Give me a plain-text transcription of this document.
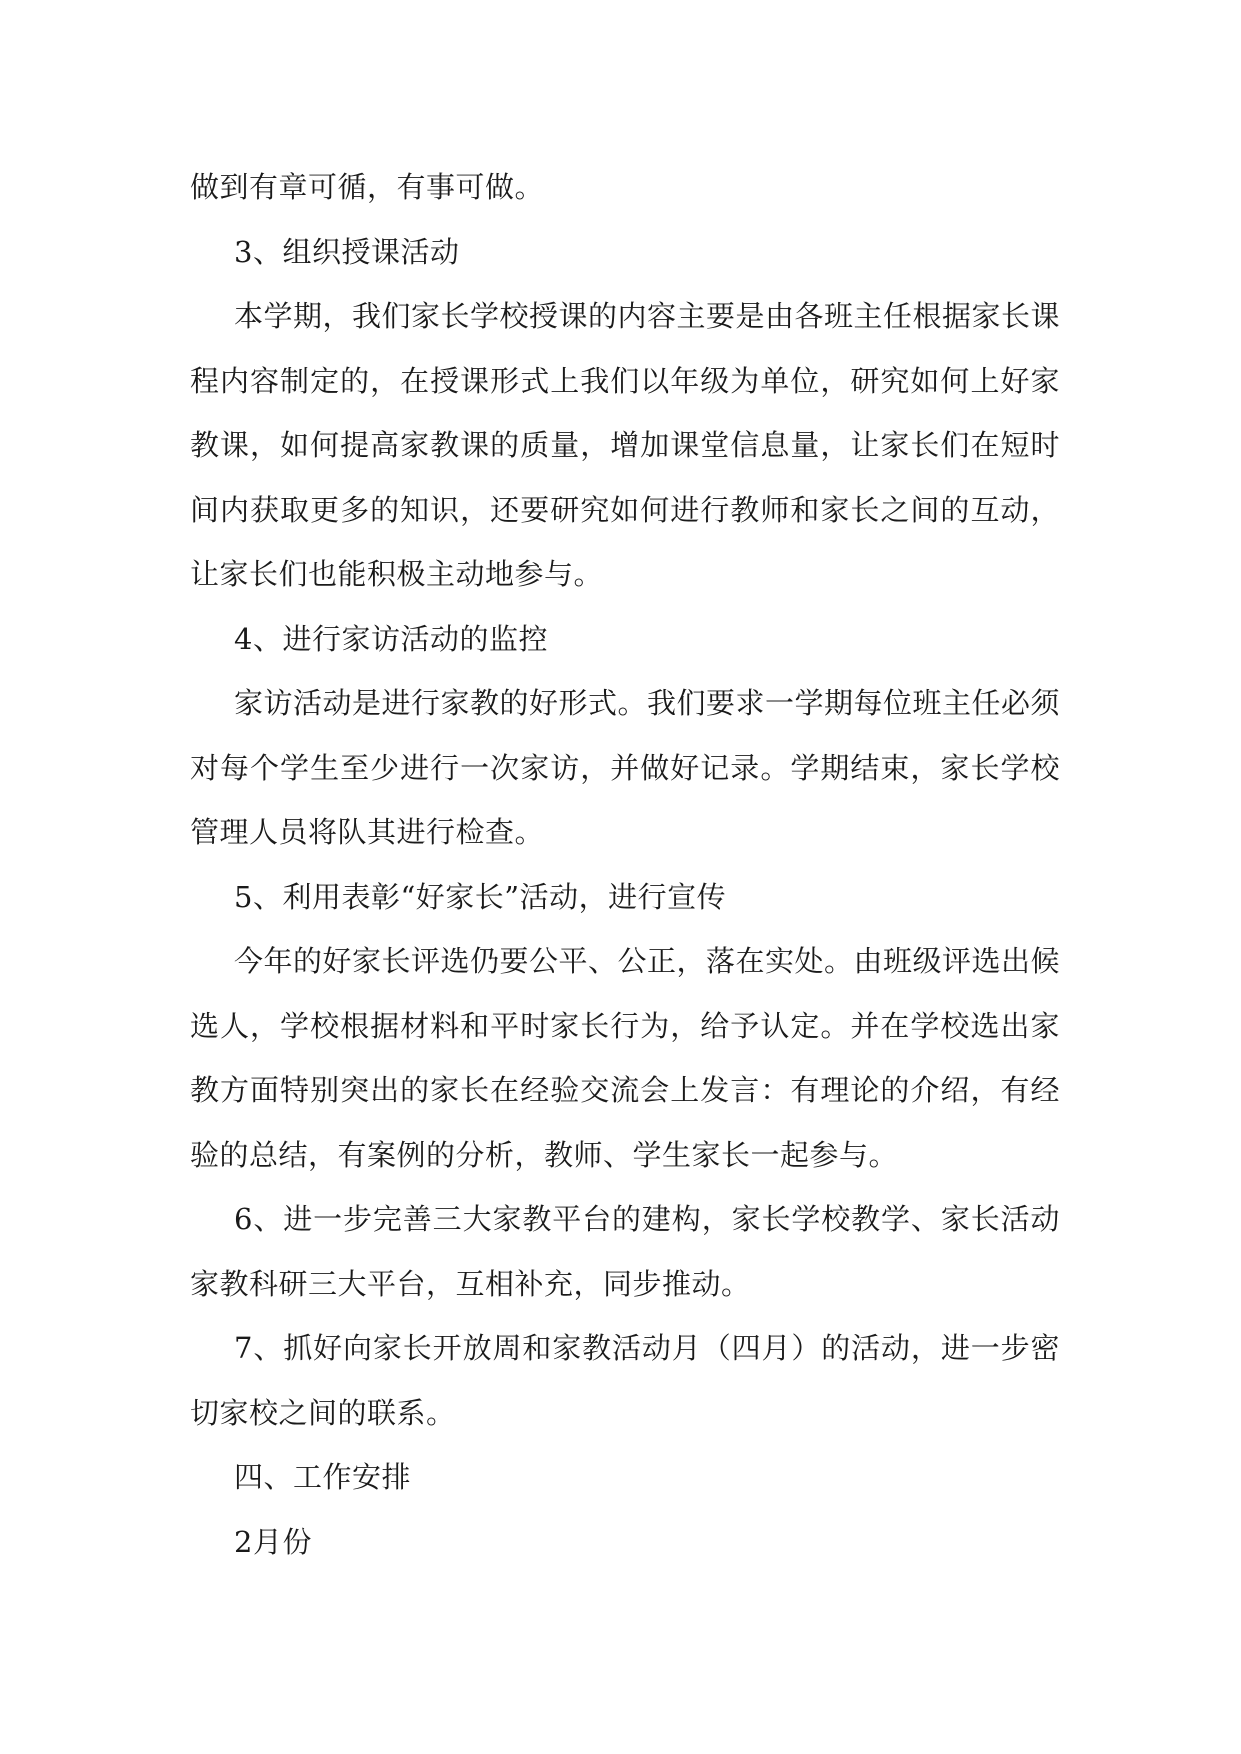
做到有章可循，有事可做。

3、组织授课活动

本学期，我们家长学校授课的内容主要是由各班主任根据家长课程内容制定的，在授课形式上我们以年级为单位，研究如何上好家教课，如何提高家教课的质量，增加课堂信息量，让家长们在短时间内获取更多的知识，还要研究如何进行教师和家长之间的互动，让家长们也能积极主动地参与。

4、进行家访活动的监控

家访活动是进行家教的好形式。我们要求一学期每位班主任必须对每个学生至少进行一次家访，并做好记录。学期结束，家长学校管理人员将队其进行检查。

5、利用表彰“好家长”活动，进行宣传

今年的好家长评选仍要公平、公正，落在实处。由班级评选出候选人，学校根据材料和平时家长行为，给予认定。并在学校选出家教方面特别突出的家长在经验交流会上发言：有理论的介绍，有经验的总结，有案例的分析，教师、学生家长一起参与。

6、进一步完善三大家教平台的建构，家长学校教学、家长活动家教科研三大平台，互相补充，同步推动。

7、抓好向家长开放周和家教活动月（四月）的活动，进一步密切家校之间的联系。

四、工作安排

2月份
